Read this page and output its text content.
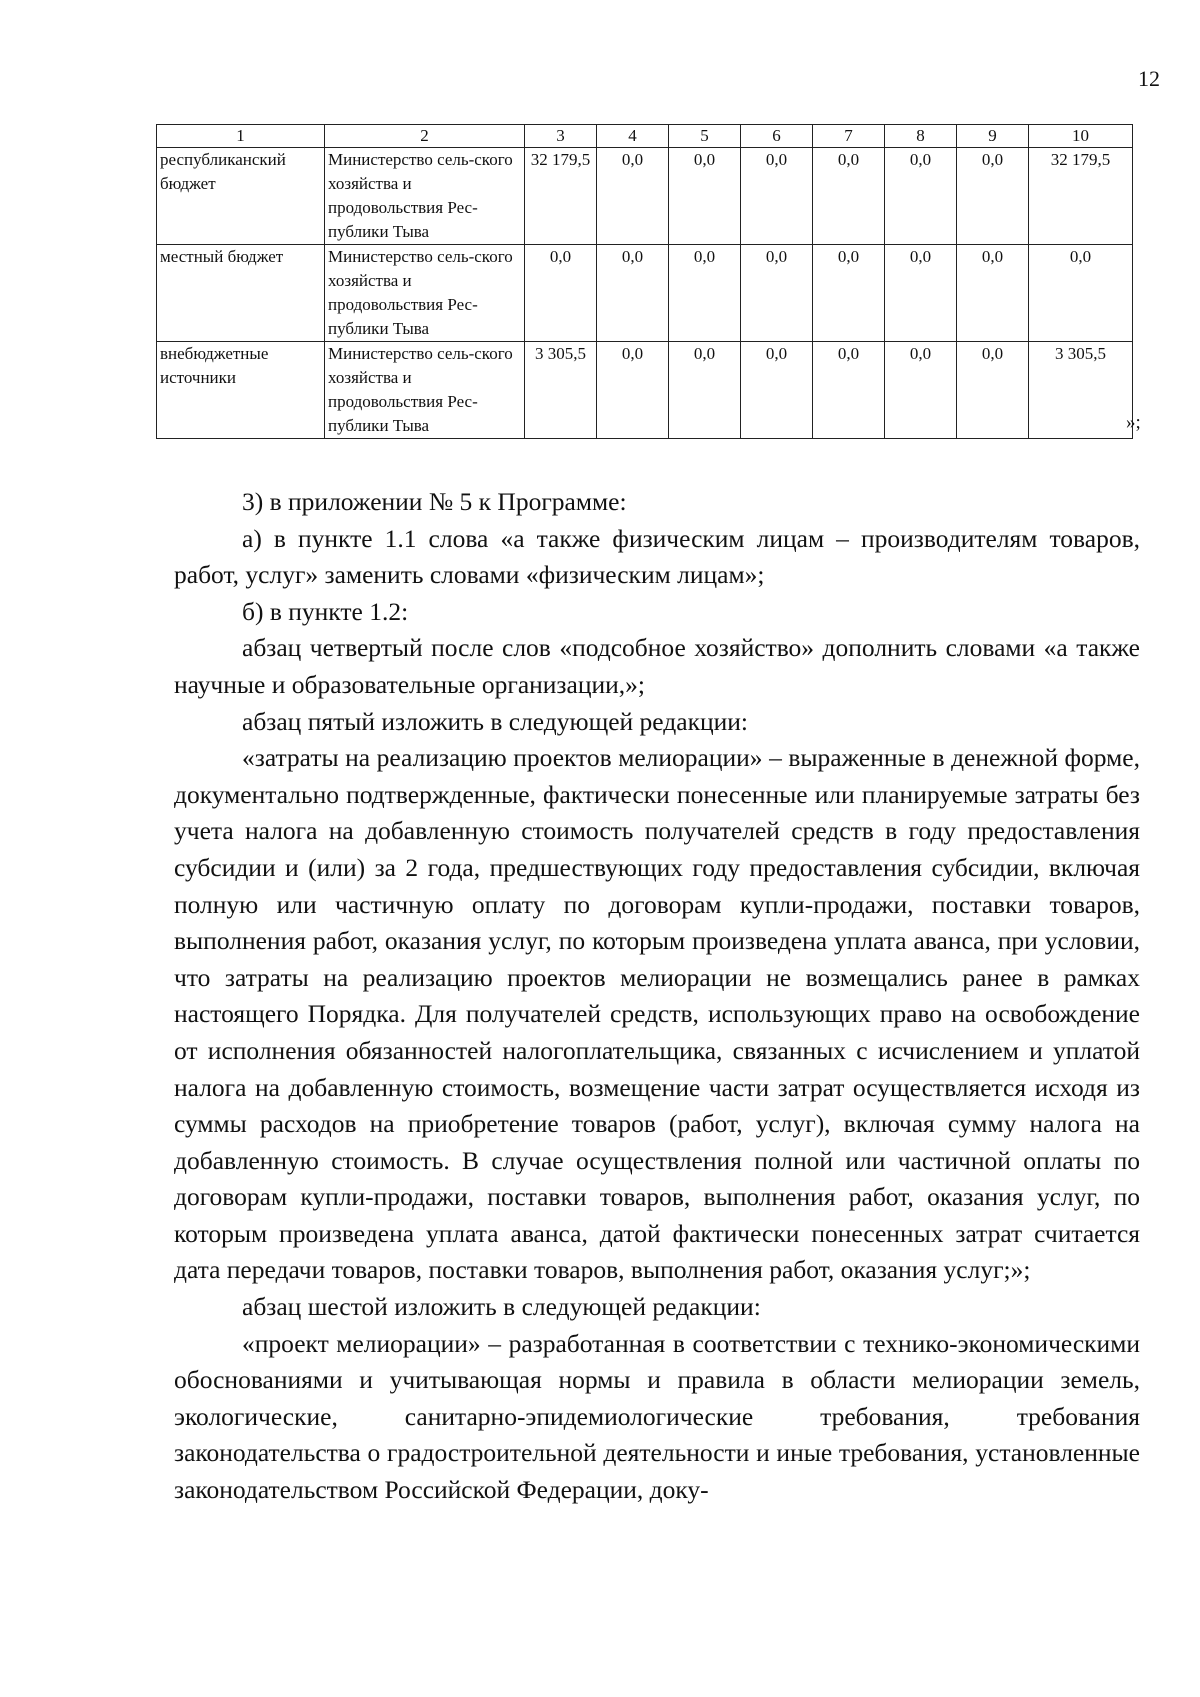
12
1	2	3	4	5	6	7	8	9	10
республиканский бюджет	Министерство сель-ского хозяйства и продовольствия Рес-публики Тыва	32 179,5	0,0	0,0	0,0	0,0	0,0	0,0	32 179,5
местный бюджет	Министерство сель-ского хозяйства и продовольствия Рес-публики Тыва	0,0	0,0	0,0	0,0	0,0	0,0	0,0	0,0
внебюджетные источники	Министерство сель-ского хозяйства и продовольствия Рес-публики Тыва	3 305,5	0,0	0,0	0,0	0,0	0,0	0,0	3 305,5
»;

3) в приложении № 5 к Программе:

а) в пункте 1.1 слова «а также физическим лицам – производителям товаров, работ, услуг» заменить словами «физическим лицам»;

б) в пункте 1.2:

абзац четвертый после слов «подсобное хозяйство» дополнить словами «а также научные и образовательные организации,»;

абзац пятый изложить в следующей редакции:

«затраты на реализацию проектов мелиорации» – выраженные в денежной форме, документально подтвержденные, фактически понесенные или планируемые затраты без учета налога на добавленную стоимость получателей средств в году предоставления субсидии и (или) за 2 года, предшествующих году предоставления субсидии, включая полную или частичную оплату по договорам купли-продажи, поставки товаров, выполнения работ, оказания услуг, по которым произведена уплата аванса, при условии, что затраты на реализацию проектов мелиорации не возмещались ранее в рамках настоящего Порядка. Для получателей средств, использующих право на освобождение от исполнения обязанностей налогоплательщика, связанных с исчислением и уплатой налога на добавленную стоимость, возмещение части затрат осуществляется исходя из суммы расходов на приобретение товаров (работ, услуг), включая сумму налога на добавленную стоимость. В случае осуществления полной или частичной оплаты по договорам купли-продажи, поставки товаров, выполнения работ, оказания услуг, по которым произведена уплата аванса, датой фактически понесенных затрат считается дата передачи товаров, поставки товаров, выполнения работ, оказания услуг;»;

абзац шестой изложить в следующей редакции:

«проект мелиорации» – разработанная в соответствии с технико-экономическими обоснованиями и учитывающая нормы и правила в области мелиорации земель, экологические, санитарно-эпидемиологические требования, требования законодательства о градостроительной деятельности и иные требования, установленные законодательством Российской Федерации, доку-
